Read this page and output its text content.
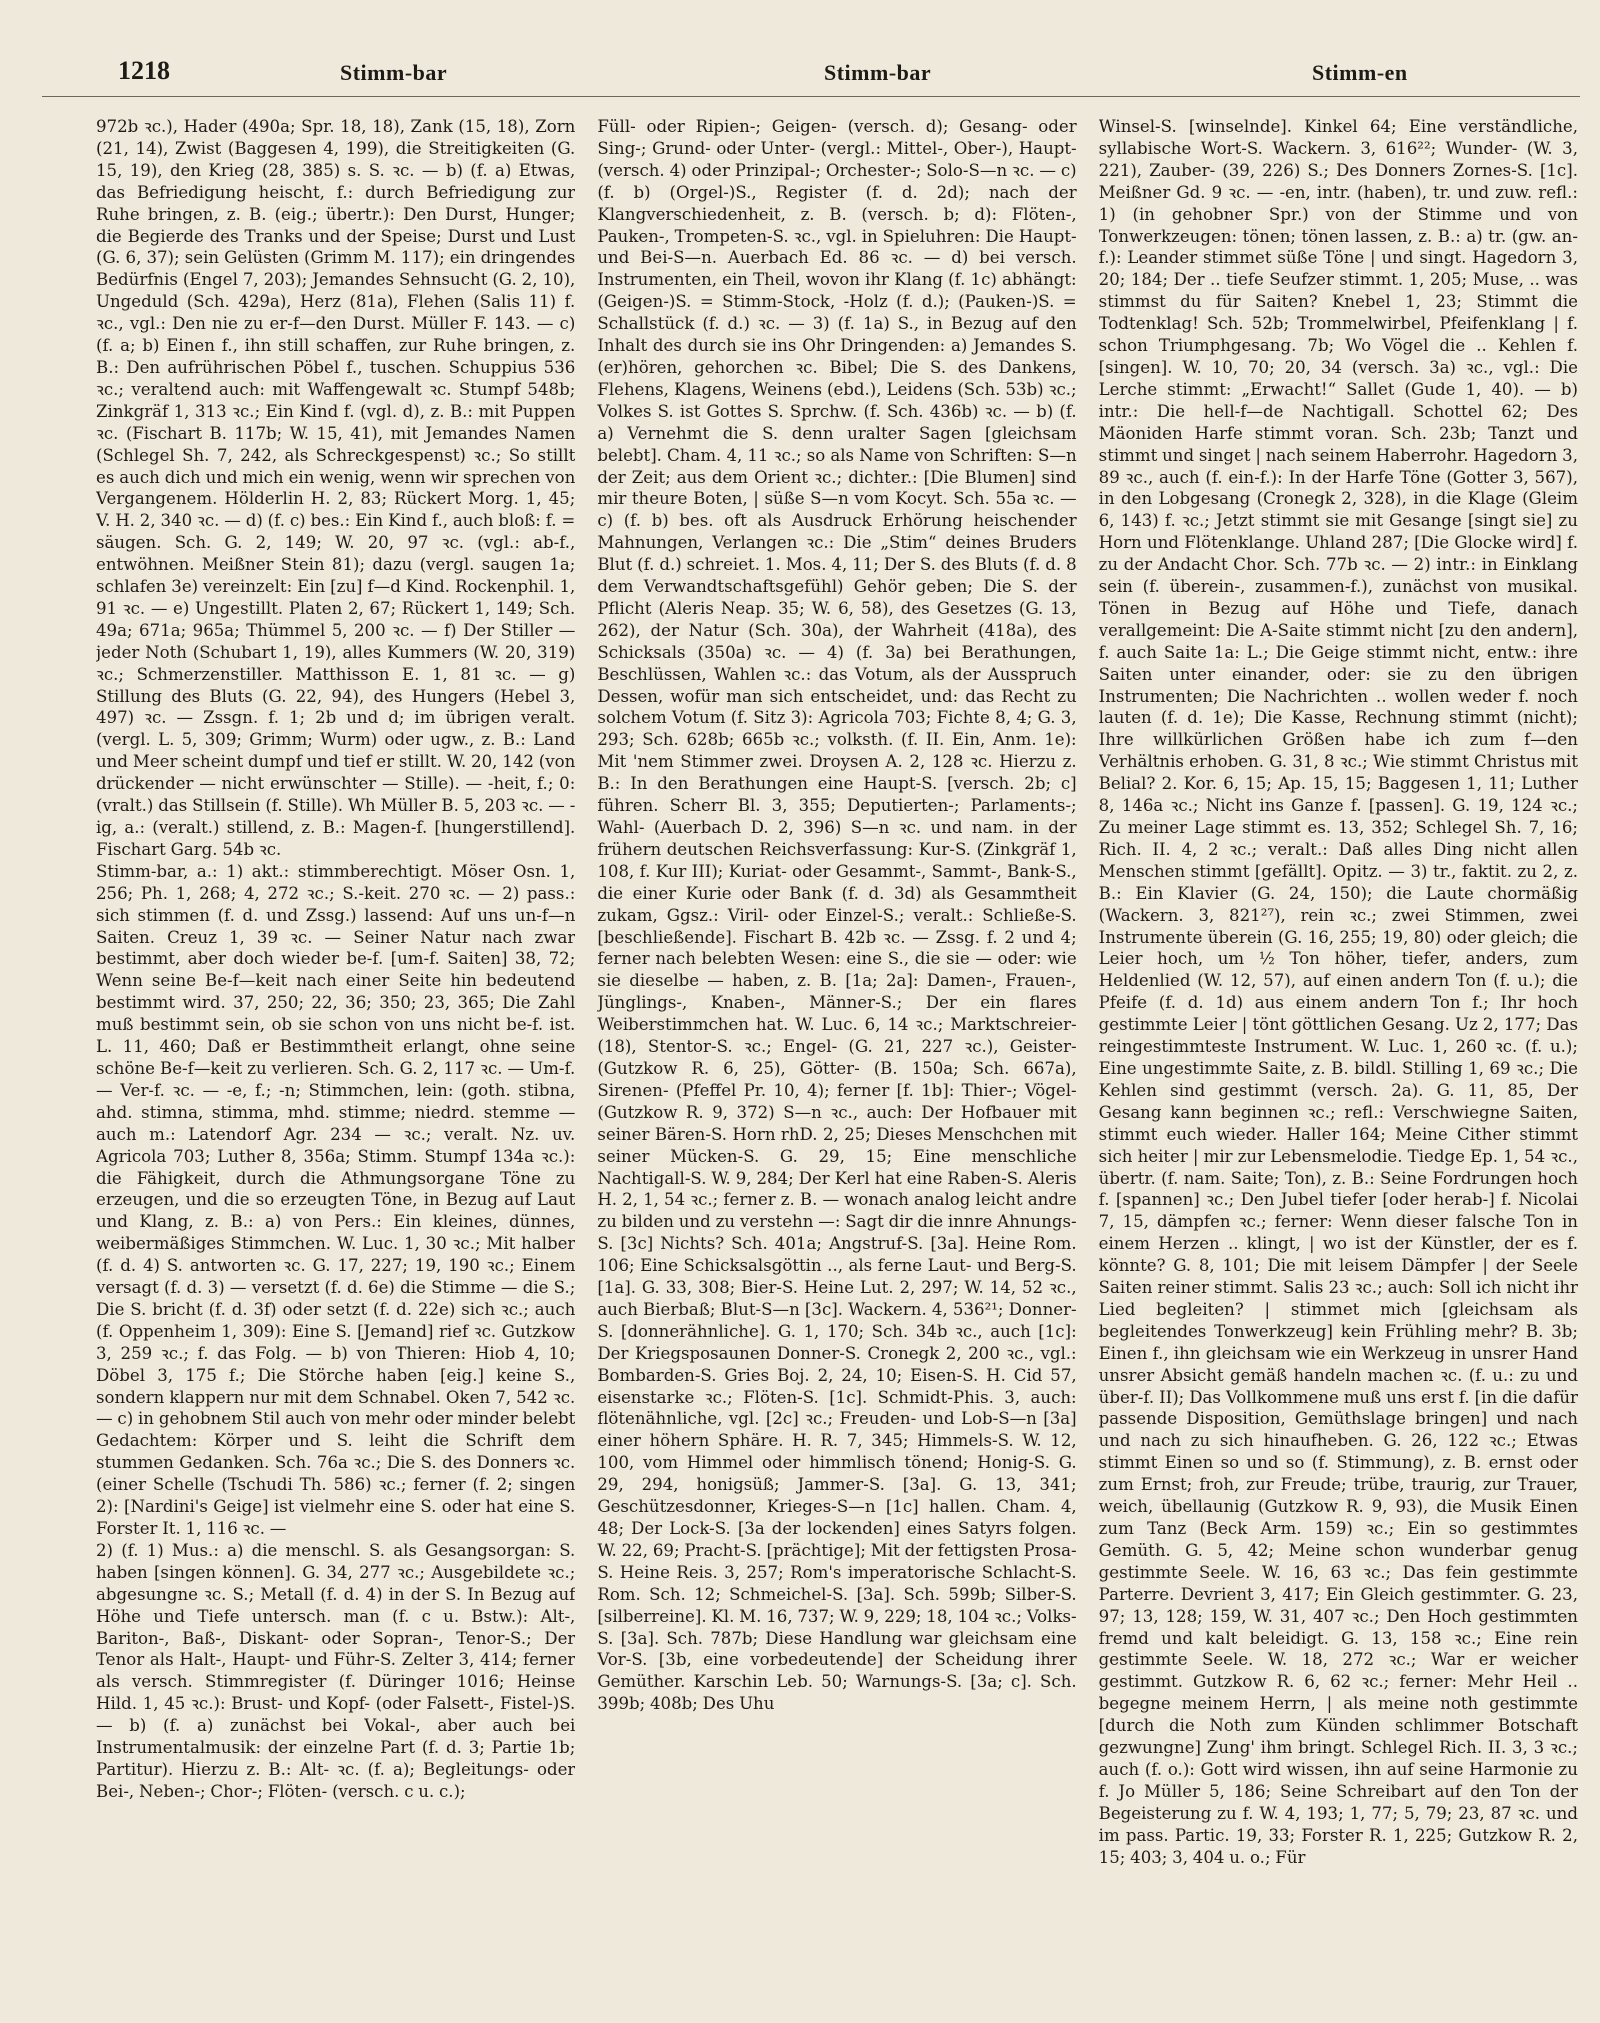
1218	Stimm-bar	Stimm-bar	Stimm-en

972b ꝛc.), Hader (490a; Spr. 18, 18), Zank (15, 18), Zorn (21, 14), Zwist (Baggesen 4, 199), die Streitigkeiten (G. 15, 19), den Krieg (28, 385) s. S. ꝛc. — b) (f. a) Etwas, das Befriedigung heischt, f.: durch Befriedigung zur Ruhe bringen, z. B. (eig.; übertr.): Den Durst, Hunger; die Begierde des Tranks und der Speise; Durst und Lust (G. 6, 37); sein Gelüsten (Grimm M. 117); ein dringendes Bedürfnis (Engel 7, 203); Jemandes Sehnsucht (G. 2, 10), Ungeduld (Sch. 429a), Herz (81a), Flehen (Salis 11) f. ꝛc., vgl.: Den nie zu er-f—den Durst. Müller F. 143. — c) (f. a; b) Einen f., ihn still schaffen, zur Ruhe bringen, z. B.: Den aufrührischen Pöbel f., tuschen. Schuppius 536 ꝛc.; veraltend auch: mit Waffengewalt ꝛc. Stumpf 548b; Zinkgräf 1, 313 ꝛc.; Ein Kind f. (vgl. d), z. B.: mit Puppen ꝛc. (Fischart B. 117b; W. 15, 41), mit Jemandes Namen (Schlegel Sh. 7, 242, als Schreckgespenst) ꝛc.; So stillt es auch dich und mich ein wenig, wenn wir sprechen von Vergangenem. Hölderlin H. 2, 83; Rückert Morg. 1, 45; V. H. 2, 340 ꝛc. — d) (f. c) bes.: Ein Kind f., auch bloß: f. = säugen. Sch. G. 2, 149; W. 20, 97 ꝛc. (vgl.: ab-f., entwöhnen. Meißner Stein 81); dazu (vergl. saugen 1a; schlafen 3e) vereinzelt: Ein [zu] f—d Kind. Rockenphil. 1, 91 ꝛc. — e) Ungestillt. Platen 2, 67; Rückert 1, 149; Sch. 49a; 671a; 965a; Thümmel 5, 200 ꝛc. — f) Der Stiller — jeder Noth (Schubart 1, 19), alles Kummers (W. 20, 319) ꝛc.; Schmerzenstiller. Matthisson E. 1, 81 ꝛc. — g) Stillung des Bluts (G. 22, 94), des Hungers (Hebel 3, 497) ꝛc. — Zssgn. f. 1; 2b und d; im übrigen veralt. (vergl. L. 5, 309; Grimm; Wurm) oder ugw., z. B.: Land und Meer scheint dumpf und tief er stillt. W. 20, 142 (von drückender — nicht erwünschter — Stille). — -heit, f.; 0: (vralt.) das Stillsein (f. Stille). Wh Müller B. 5, 203 ꝛc. — -ig, a.: (veralt.) stillend, z. B.: Magen-f. [hungerstillend]. Fischart Garg. 54b ꝛc.

Stimm-bar, a.: 1) akt.: stimmberechtigt. Möser Osn. 1, 256; Ph. 1, 268; 4, 272 ꝛc.; S.-keit. 270 ꝛc. — 2) pass.: sich stimmen (f. d. und Zssg.) lassend: Auf uns un-f—n Saiten. Creuz 1, 39 ꝛc. — Seiner Natur nach zwar bestimmt, aber doch wieder be-f. [um-f. Saiten] 38, 72; Wenn seine Be-f—keit nach einer Seite hin bedeutend bestimmt wird. 37, 250; 22, 36; 350; 23, 365; Die Zahl muß bestimmt sein, ob sie schon von uns nicht be-f. ist. L. 11, 460; Daß er Bestimmtheit erlangt, ohne seine schöne Be-f—keit zu verlieren. Sch. G. 2, 117 ꝛc. — Um-f. — Ver-f. ꝛc. — -e, f.; -n; Stimmchen, lein: (goth. stibna, ahd. stimna, stimma, mhd. stimme; niedrd. stemme — auch m.: Latendorf Agr. 234 — ꝛc.; veralt. Nz. uv. Agricola 703; Luther 8, 356a; Stimm. Stumpf 134a ꝛc.): die Fähigkeit, durch die Athmungsorgane Töne zu erzeugen, und die so erzeugten Töne, in Bezug auf Laut und Klang, z. B.: a) von Pers.: Ein kleines, dünnes, weibermäßiges Stimmchen. W. Luc. 1, 30 ꝛc.; Mit halber (f. d. 4) S. antworten ꝛc. G. 17, 227; 19, 190 ꝛc.; Einem versagt (f. d. 3) — versetzt (f. d. 6e) die Stimme — die S.; Die S. bricht (f. d. 3f) oder setzt (f. d. 22e) sich ꝛc.; auch (f. Oppenheim 1, 309): Eine S. [Jemand] rief ꝛc. Gutzkow 3, 259 ꝛc.; f. das Folg. — b) von Thieren: Hiob 4, 10; Döbel 3, 175 f.; Die Störche haben [eig.] keine S., sondern klappern nur mit dem Schnabel. Oken 7, 542 ꝛc. — c) in gehobnem Stil auch von mehr oder minder belebt Gedachtem: Körper und S. leiht die Schrift dem stummen Gedanken. Sch. 76a ꝛc.; Die S. des Donners ꝛc. (einer Schelle (Tschudi Th. 586) ꝛc.; ferner (f. 2; singen 2): [Nardini's Geige] ist vielmehr eine S. oder hat eine S. Forster It. 1, 116 ꝛc. —

2) (f. 1) Mus.: a) die menschl. S. als Gesangsorgan: S. haben [singen können]. G. 34, 277 ꝛc.; Ausgebildete ꝛc.; abgesungne ꝛc. S.; Metall (f. d. 4) in der S. In Bezug auf Höhe und Tiefe untersch. man (f. c u. Bstw.): Alt-, Bariton-, Baß-, Diskant- oder Sopran-, Tenor-S.; Der Tenor als Halt-, Haupt- und Führ-S. Zelter 3, 414; ferner als versch. Stimmregister (f. Düringer 1016; Heinse Hild. 1, 45 ꝛc.): Brust- und Kopf- (oder Falsett-, Fistel-)S. — b) (f. a) zunächst bei Vokal-, aber auch bei Instrumentalmusik: der einzelne Part (f. d. 3; Partie 1b; Partitur). Hierzu z. B.: Alt- ꝛc. (f. a); Begleitungs- oder Bei-, Neben-; Chor-; Flöten- (versch. c u. c.);

Füll- oder Ripien-; Geigen- (versch. d); Gesang- oder Sing-; Grund- oder Unter- (vergl.: Mittel-, Ober-), Haupt- (versch. 4) oder Prinzipal-; Orchester-; Solo-S—n ꝛc. — c) (f. b) (Orgel-)S., Register (f. d. 2d); nach der Klangverschiedenheit, z. B. (versch. b; d): Flöten-, Pauken-, Trompeten-S. ꝛc., vgl. in Spieluhren: Die Haupt- und Bei-S—n. Auerbach Ed. 86 ꝛc. — d) bei versch. Instrumenten, ein Theil, wovon ihr Klang (f. 1c) abhängt: (Geigen-)S. = Stimm-Stock, -Holz (f. d.); (Pauken-)S. = Schallstück (f. d.) ꝛc. — 3) (f. 1a) S., in Bezug auf den Inhalt des durch sie ins Ohr Dringenden: a) Jemandes S. (er)hören, gehorchen ꝛc. Bibel; Die S. des Dankens, Flehens, Klagens, Weinens (ebd.), Leidens (Sch. 53b) ꝛc.; Volkes S. ist Gottes S. Sprchw. (f. Sch. 436b) ꝛc. — b) (f. a) Vernehmt die S. denn uralter Sagen [gleichsam belebt]. Cham. 4, 11 ꝛc.; so als Name von Schriften: S—n der Zeit; aus dem Orient ꝛc.; dichter.: [Die Blumen] sind mir theure Boten, | süße S—n vom Kocyt. Sch. 55a ꝛc. — c) (f. b) bes. oft als Ausdruck Erhörung heischender Mahnungen, Verlangen ꝛc.: Die „Stim“ deines Bruders Blut (f. d.) schreiet. 1. Mos. 4, 11; Der S. des Bluts (f. d. 8 dem Verwandtschaftsgefühl) Gehör geben; Die S. der Pflicht (Aleris Neap. 35; W. 6, 58), des Gesetzes (G. 13, 262), der Natur (Sch. 30a), der Wahrheit (418a), des Schicksals (350a) ꝛc. — 4) (f. 3a) bei Berathungen, Beschlüssen, Wahlen ꝛc.: das Votum, als der Ausspruch Dessen, wofür man sich entscheidet, und: das Recht zu solchem Votum (f. Sitz 3): Agricola 703; Fichte 8, 4; G. 3, 293; Sch. 628b; 665b ꝛc.; volksth. (f. II. Ein, Anm. 1e): Mit 'nem Stimmer zwei. Droysen A. 2, 128 ꝛc. Hierzu z. B.: In den Berathungen eine Haupt-S. [versch. 2b; c] führen. Scherr Bl. 3, 355; Deputierten-; Parlaments-; Wahl- (Auerbach D. 2, 396) S—n ꝛc. und nam. in der frühern deutschen Reichsverfassung: Kur-S. (Zinkgräf 1, 108, f. Kur III); Kuriat- oder Gesammt-, Sammt-, Bank-S., die einer Kurie oder Bank (f. d. 3d) als Gesammtheit zukam, Ggsz.: Viril- oder Einzel-S.; veralt.: Schließe-S. [beschließende]. Fischart B. 42b ꝛc. — Zssg. f. 2 und 4; ferner nach belebten Wesen: eine S., die sie — oder: wie sie dieselbe — haben, z. B. [1a; 2a]: Damen-, Frauen-, Jünglings-, Knaben-, Männer-S.; Der ein flares Weiberstimmchen hat. W. Luc. 6, 14 ꝛc.; Marktschreier- (18), Stentor-S. ꝛc.; Engel- (G. 21, 227 ꝛc.), Geister- (Gutzkow R. 6, 25), Götter- (B. 150a; Sch. 667a), Sirenen- (Pfeffel Pr. 10, 4); ferner [f. 1b]: Thier-; Vögel- (Gutzkow R. 9, 372) S—n ꝛc., auch: Der Hofbauer mit seiner Bären-S. Horn rhD. 2, 25; Dieses Menschchen mit seiner Mücken-S. G. 29, 15; Eine menschliche Nachtigall-S. W. 9, 284; Der Kerl hat eine Raben-S. Aleris H. 2, 1, 54 ꝛc.; ferner z. B. — wonach analog leicht andre zu bilden und zu verstehn —: Sagt dir die innre Ahnungs-S. [3c] Nichts? Sch. 401a; Angstruf-S. [3a]. Heine Rom. 106; Eine Schicksalsgöttin .., als ferne Laut- und Berg-S. [1a]. G. 33, 308; Bier-S. Heine Lut. 2, 297; W. 14, 52 ꝛc., auch Bierbaß; Blut-S—n [3c]. Wackern. 4, 536²¹; Donner-S. [donnerähnliche]. G. 1, 170; Sch. 34b ꝛc., auch [1c]: Der Kriegsposaunen Donner-S. Cronegk 2, 200 ꝛc., vgl.: Bombarden-S. Gries Boj. 2, 24, 10; Eisen-S. H. Cid 57, eisenstarke ꝛc.; Flöten-S. [1c]. Schmidt-Phis. 3, auch: flötenähnliche, vgl. [2c] ꝛc.; Freuden- und Lob-S—n [3a] einer höhern Sphäre. H. R. 7, 345; Himmels-S. W. 12, 100, vom Himmel oder himmlisch tönend; Honig-S. G. 29, 294, honigsüß; Jammer-S. [3a]. G. 13, 341; Geschützesdonner, Krieges-S—n [1c] hallen. Cham. 4, 48; Der Lock-S. [3a der lockenden] eines Satyrs folgen. W. 22, 69; Pracht-S. [prächtige]; Mit der fettigsten Prosa-S. Heine Reis. 3, 257; Rom's imperatorische Schlacht-S. Rom. Sch. 12; Schmeichel-S. [3a]. Sch. 599b; Silber-S. [silberreine]. Kl. M. 16, 737; W. 9, 229; 18, 104 ꝛc.; Volks-S. [3a]. Sch. 787b; Diese Handlung war gleichsam eine Vor-S. [3b, eine vorbedeutende] der Scheidung ihrer Gemüther. Karschin Leb. 50; Warnungs-S. [3a; c]. Sch. 399b; 408b; Des Uhu

Winsel-S. [winselnde]. Kinkel 64; Eine verständliche, syllabische Wort-S. Wackern. 3, 616²²; Wunder- (W. 3, 221), Zauber- (39, 226) S.; Des Donners Zornes-S. [1c]. Meißner Gd. 9 ꝛc. — -en, intr. (haben), tr. und zuw. refl.: 1) (in gehobner Spr.) von der Stimme und von Tonwerkzeugen: tönen; tönen lassen, z. B.: a) tr. (gw. an-f.): Leander stimmet süße Töne | und singt. Hagedorn 3, 20; 184; Der .. tiefe Seufzer stimmt. 1, 205; Muse, .. was stimmst du für Saiten? Knebel 1, 23; Stimmt die Todtenklag! Sch. 52b; Trommelwirbel, Pfeifenklang | f. schon Triumphgesang. 7b; Wo Vögel die .. Kehlen f. [singen]. W. 10, 70; 20, 34 (versch. 3a) ꝛc., vgl.: Die Lerche stimmt: „Erwacht!“ Sallet (Gude 1, 40). — b) intr.: Die hell-f—de Nachtigall. Schottel 62; Des Mäoniden Harfe stimmt voran. Sch. 23b; Tanzt und stimmt und singet | nach seinem Haberrohr. Hagedorn 3, 89 ꝛc., auch (f. ein-f.): In der Harfe Töne (Gotter 3, 567), in den Lobgesang (Cronegk 2, 328), in die Klage (Gleim 6, 143) f. ꝛc.; Jetzt stimmt sie mit Gesange [singt sie] zu Horn und Flötenklange. Uhland 287; [Die Glocke wird] f. zu der Andacht Chor. Sch. 77b ꝛc. — 2) intr.: in Einklang sein (f. überein-, zusammen-f.), zunächst von musikal. Tönen in Bezug auf Höhe und Tiefe, danach verallgemeint: Die A-Saite stimmt nicht [zu den andern], f. auch Saite 1a: L.; Die Geige stimmt nicht, entw.: ihre Saiten unter einander, oder: sie zu den übrigen Instrumenten; Die Nachrichten .. wollen weder f. noch lauten (f. d. 1e); Die Kasse, Rechnung stimmt (nicht); Ihre willkürlichen Größen habe ich zum f—den Verhältnis erhoben. G. 31, 8 ꝛc.; Wie stimmt Christus mit Belial? 2. Kor. 6, 15; Ap. 15, 15; Baggesen 1, 11; Luther 8, 146a ꝛc.; Nicht ins Ganze f. [passen]. G. 19, 124 ꝛc.; Zu meiner Lage stimmt es. 13, 352; Schlegel Sh. 7, 16; Rich. II. 4, 2 ꝛc.; veralt.: Daß alles Ding nicht allen Menschen stimmt [gefällt]. Opitz. — 3) tr., faktit. zu 2, z. B.: Ein Klavier (G. 24, 150); die Laute chormäßig (Wackern. 3, 821²⁷), rein ꝛc.; zwei Stimmen, zwei Instrumente überein (G. 16, 255; 19, 80) oder gleich; die Leier hoch, um ½ Ton höher, tiefer, anders, zum Heldenlied (W. 12, 57), auf einen andern Ton (f. u.); die Pfeife (f. d. 1d) aus einem andern Ton f.; Ihr hoch gestimmte Leier | tönt göttlichen Gesang. Uz 2, 177; Das reingestimmteste Instrument. W. Luc. 1, 260 ꝛc. (f. u.); Eine ungestimmte Saite, z. B. bildl. Stilling 1, 69 ꝛc.; Die Kehlen sind gestimmt (versch. 2a). G. 11, 85, Der Gesang kann beginnen ꝛc.; refl.: Verschwiegne Saiten, stimmt euch wieder. Haller 164; Meine Cither stimmt sich heiter | mir zur Lebensmelodie. Tiedge Ep. 1, 54 ꝛc., übertr. (f. nam. Saite; Ton), z. B.: Seine Fordrungen hoch f. [spannen] ꝛc.; Den Jubel tiefer [oder herab-] f. Nicolai 7, 15, dämpfen ꝛc.; ferner: Wenn dieser falsche Ton in einem Herzen .. klingt, | wo ist der Künstler, der es f. könnte? G. 8, 101; Die mit leisem Dämpfer | der Seele Saiten reiner stimmt. Salis 23 ꝛc.; auch: Soll ich nicht ihr Lied begleiten? | stimmet mich [gleichsam als begleitendes Tonwerkzeug] kein Frühling mehr? B. 3b; Einen f., ihn gleichsam wie ein Werkzeug in unsrer Hand unsrer Absicht gemäß handeln machen ꝛc. (f. u.: zu und über-f. II); Das Vollkommene muß uns erst f. [in die dafür passende Disposition, Gemüthslage bringen] und nach und nach zu sich hinaufheben. G. 26, 122 ꝛc.; Etwas stimmt Einen so und so (f. Stimmung), z. B. ernst oder zum Ernst; froh, zur Freude; trübe, traurig, zur Trauer, weich, übellaunig (Gutzkow R. 9, 93), die Musik Einen zum Tanz (Beck Arm. 159) ꝛc.; Ein so gestimmtes Gemüth. G. 5, 42; Meine schon wunderbar genug gestimmte Seele. W. 16, 63 ꝛc.; Das fein gestimmte Parterre. Devrient 3, 417; Ein Gleich gestimmter. G. 23, 97; 13, 128; 159, W. 31, 407 ꝛc.; Den Hoch gestimmten fremd und kalt beleidigt. G. 13, 158 ꝛc.; Eine rein gestimmte Seele. W. 18, 272 ꝛc.; War er weicher gestimmt. Gutzkow R. 6, 62 ꝛc.; ferner: Mehr Heil .. begegne meinem Herrn, | als meine noth gestimmte [durch die Noth zum Künden schlimmer Botschaft gezwungne] Zung' ihm bringt. Schlegel Rich. II. 3, 3 ꝛc.; auch (f. o.): Gott wird wissen, ihn auf seine Harmonie zu f. Jo Müller 5, 186; Seine Schreibart auf den Ton der Begeisterung zu f. W. 4, 193; 1, 77; 5, 79; 23, 87 ꝛc. und im pass. Partic. 19, 33; Forster R. 1, 225; Gutzkow R. 2, 15; 403; 3, 404 u. o.; Für
